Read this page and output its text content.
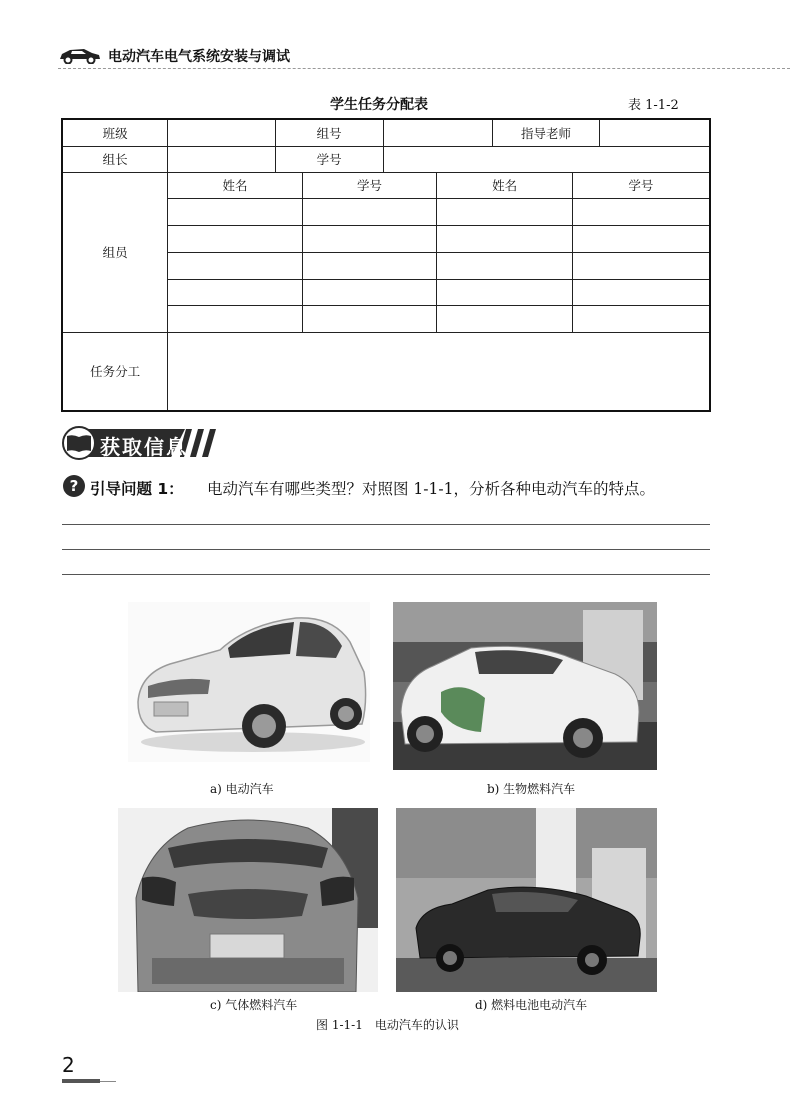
电动汽车电气系统安装与调试
学生任务分配表	表 1-1-2
班级		组号				指导老师		
组长		学号						
组员	姓名		学号		姓名		学号	

任务分工								
获取信息
? 引导问题 1： 电动汽车有哪些类型？对照图 1-1-1，分析各种电动汽车的特点。
a) 电动汽车	b) 生物燃料汽车
c) 气体燃料汽车	d) 燃料电池电动汽车
图 1-1-1　电动汽车的认识
2
